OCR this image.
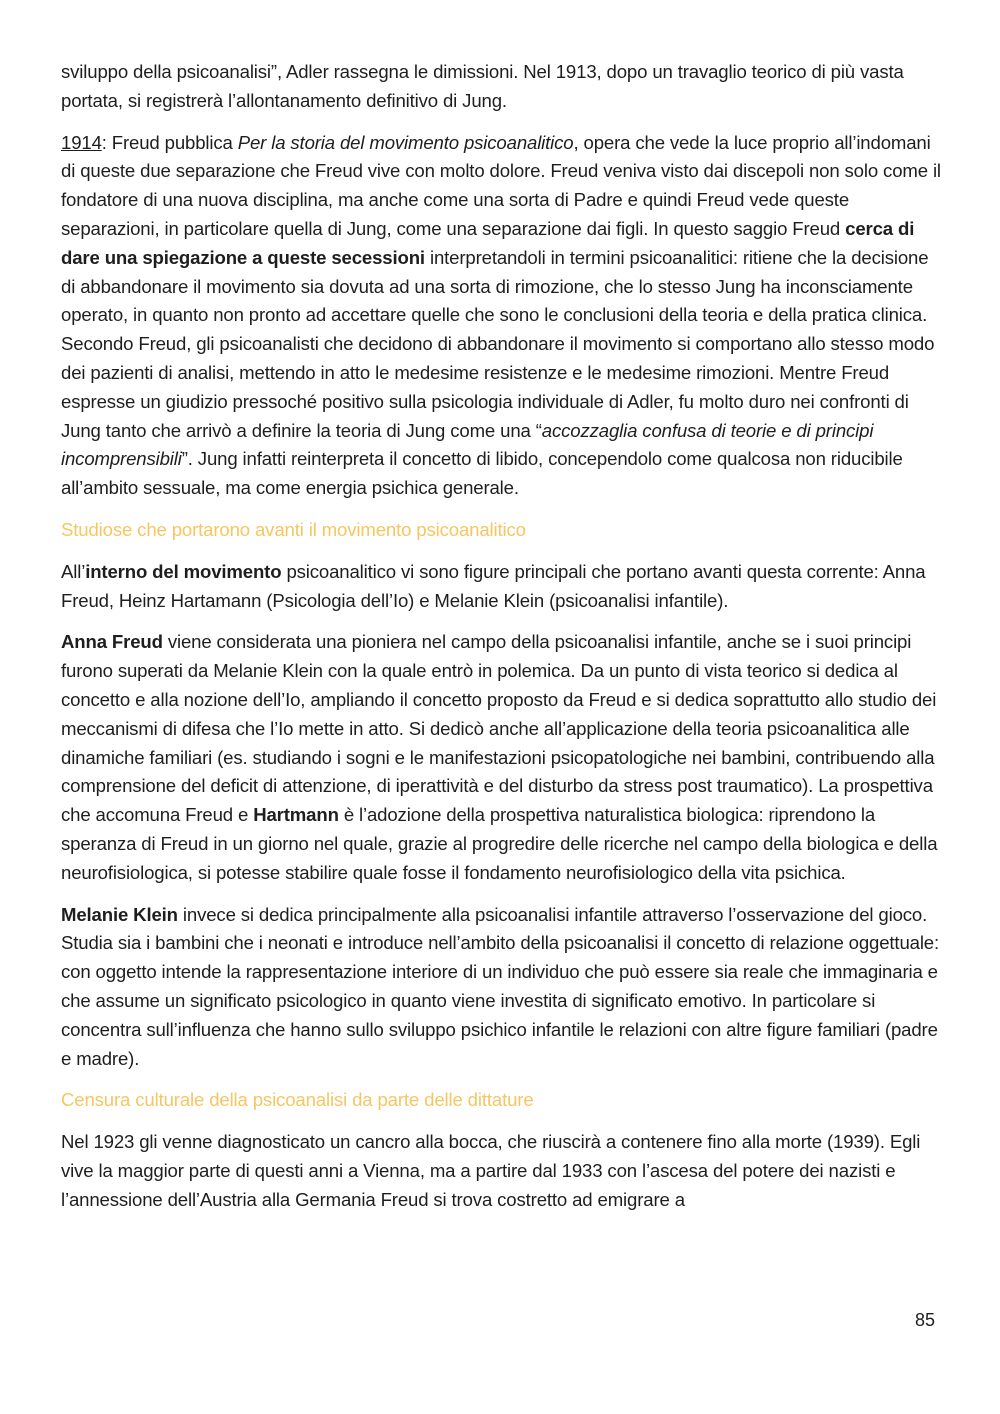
sviluppo della psicoanalisi”, Adler rassegna le dimissioni. Nel 1913, dopo un travaglio teorico di più vasta portata, si registrerà l’allontanamento definitivo di Jung.

1914: Freud pubblica Per la storia del movimento psicoanalitico, opera che vede la luce proprio all’indomani di queste due separazione che Freud vive con molto dolore. Freud veniva visto dai discepoli non solo come il fondatore di una nuova disciplina, ma anche come una sorta di Padre e quindi Freud vede queste separazioni, in particolare quella di Jung, come una separazione dai figli. In questo saggio Freud cerca di dare una spiegazione a queste secessioni interpretandoli in termini psicoanalitici: ritiene che la decisione di abbandonare il movimento sia dovuta ad una sorta di rimozione, che lo stesso Jung ha inconsciamente operato, in quanto non pronto ad accettare quelle che sono le conclusioni della teoria e della pratica clinica. Secondo Freud, gli psicoanalisti che decidono di abbandonare il movimento si comportano allo stesso modo dei pazienti di analisi, mettendo in atto le medesime resistenze e le medesime rimozioni. Mentre Freud espresse un giudizio pressoché positivo sulla psicologia individuale di Adler, fu molto duro nei confronti di Jung tanto che arrivò a definire la teoria di Jung come una “accozzaglia confusa di teorie e di principi incomprensibili”. Jung infatti reinterpreta il concetto di libido, concependolo come qualcosa non riducibile all’ambito sessuale, ma come energia psichica generale.

Studiose che portarono avanti il movimento psicoanalitico

All’interno del movimento psicoanalitico vi sono figure principali che portano avanti questa corrente: Anna Freud, Heinz Hartamann (Psicologia dell’Io) e Melanie Klein (psicoanalisi infantile).

Anna Freud viene considerata una pioniera nel campo della psicoanalisi infantile, anche se i suoi principi furono superati da Melanie Klein con la quale entrò in polemica. Da un punto di vista teorico si dedica al concetto e alla nozione dell’Io, ampliando il concetto proposto da Freud e si dedica soprattutto allo studio dei meccanismi di difesa che l’Io mette in atto. Si dedicò anche all’applicazione della teoria psicoanalitica alle dinamiche familiari (es. studiando i sogni e le manifestazioni psicopatologiche nei bambini, contribuendo alla comprensione del deficit di attenzione, di iperattività e del disturbo da stress post traumatico). La prospettiva che accomuna Freud e Hartmann è l’adozione della prospettiva naturalistica biologica: riprendono la speranza di Freud in un giorno nel quale, grazie al progredire delle ricerche nel campo della biologica e della neurofisiologica, si potesse stabilire quale fosse il fondamento neurofisiologico della vita psichica.

Melanie Klein invece si dedica principalmente alla psicoanalisi infantile attraverso l’osservazione del gioco. Studia sia i bambini che i neonati e introduce nell’ambito della psicoanalisi il concetto di relazione oggettuale: con oggetto intende la rappresentazione interiore di un individuo che può essere sia reale che immaginaria e che assume un significato psicologico in quanto viene investita di significato emotivo. In particolare si concentra sull’influenza che hanno sullo sviluppo psichico infantile le relazioni con altre figure familiari (padre e madre).

Censura culturale della psicoanalisi da parte delle dittature

Nel 1923 gli venne diagnosticato un cancro alla bocca, che riuscirà a contenere fino alla morte (1939). Egli vive la maggior parte di questi anni a Vienna, ma a partire dal 1933 con l’ascesa del potere dei nazisti e l’annessione dell’Austria alla Germania Freud si trova costretto ad emigrare a

85
